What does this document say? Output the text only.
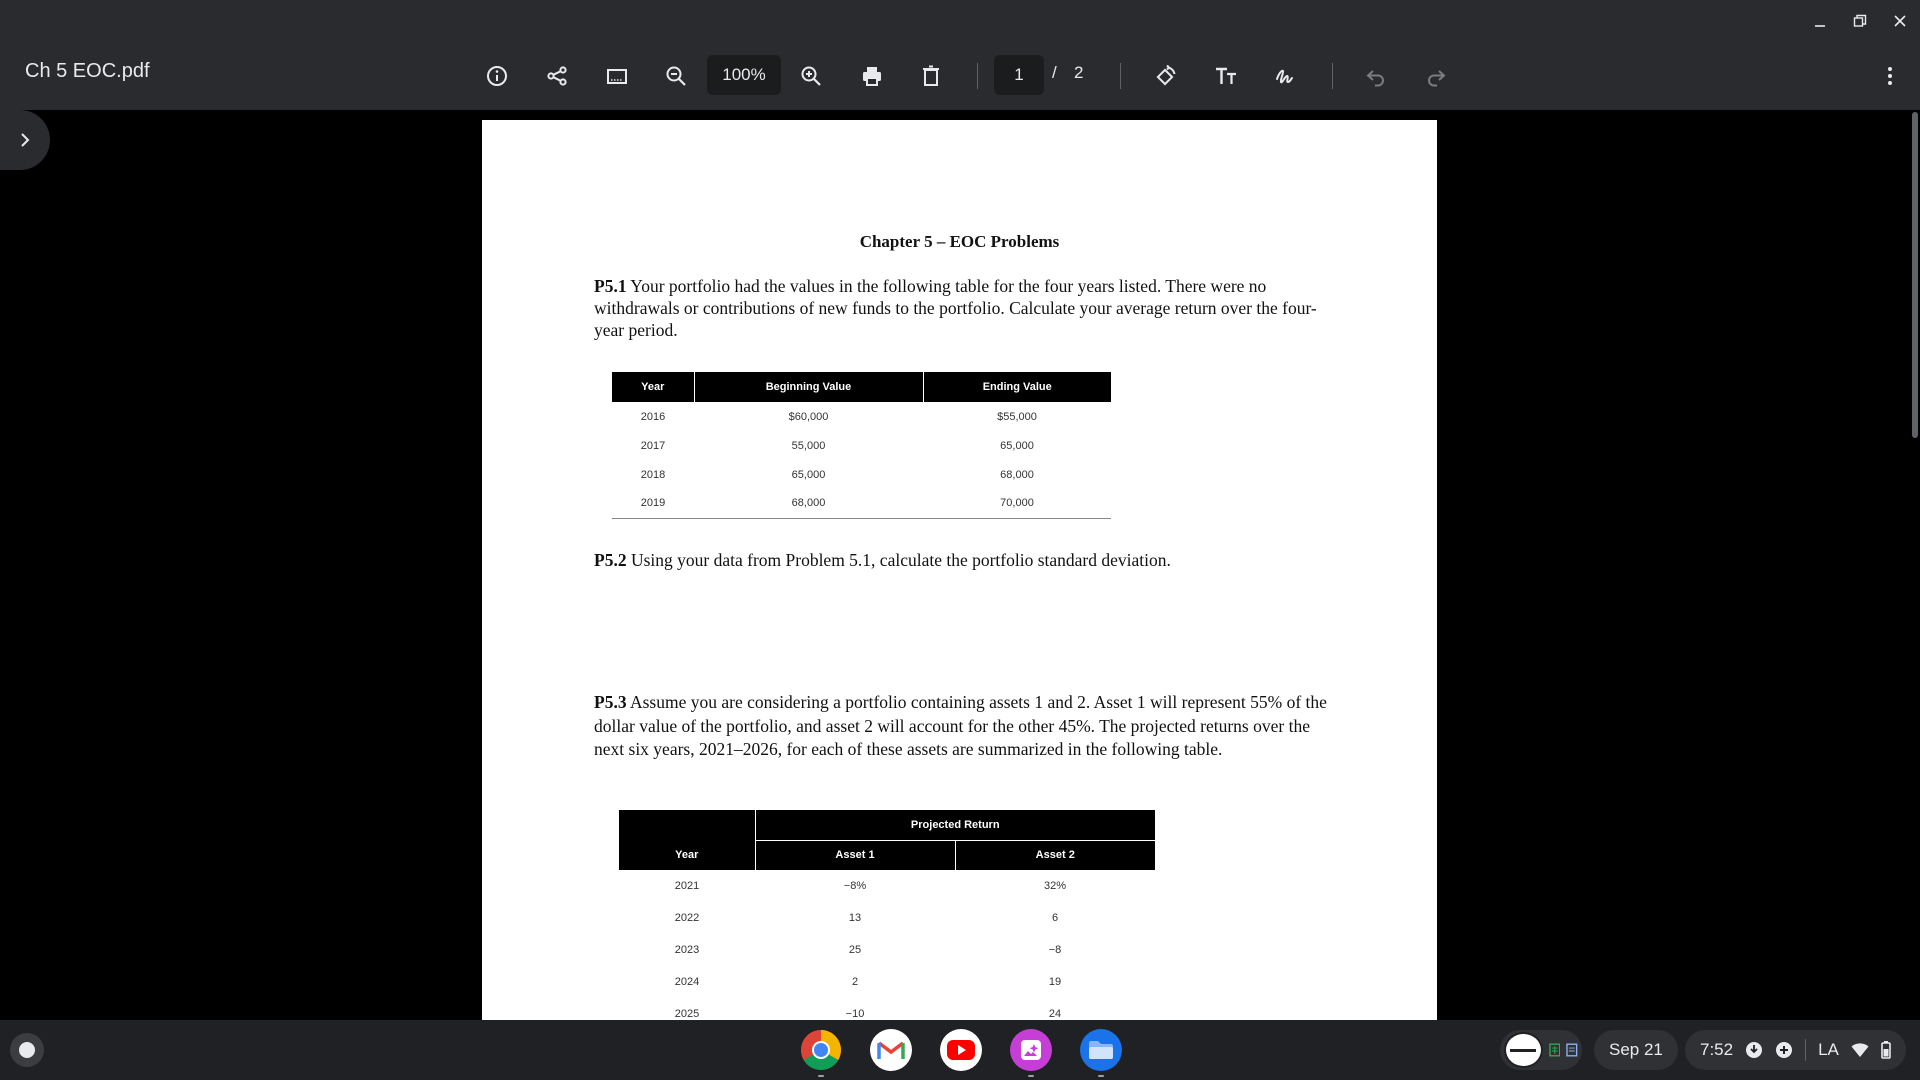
Ch 5 EOC.pdf	100%	1	/ 2
Chapter 5 – EOC Problems
P5.1 Your portfolio had the values in the following table for the four years listed. There were no withdrawals or contributions of new funds to the portfolio. Calculate your average return over the four-year period.
Year	Beginning Value	Ending Value
2016	$60,000	$55,000
2017	55,000	65,000
2018	65,000	68,000
2019	68,000	70,000
P5.2 Using your data from Problem 5.1, calculate the portfolio standard deviation.
P5.3 Assume you are considering a portfolio containing assets 1 and 2. Asset 1 will represent 55% of the dollar value of the portfolio, and asset 2 will account for the other 45%. The projected returns over the next six years, 2021–2026, for each of these assets are summarized in the following table.
	Projected Return	
Year	Asset 1	Asset 2
2021	−8%	32%
2022	13	6
2023	25	−8
2024	2	19
2025	−10	24
Sep 21	7:52	LA
